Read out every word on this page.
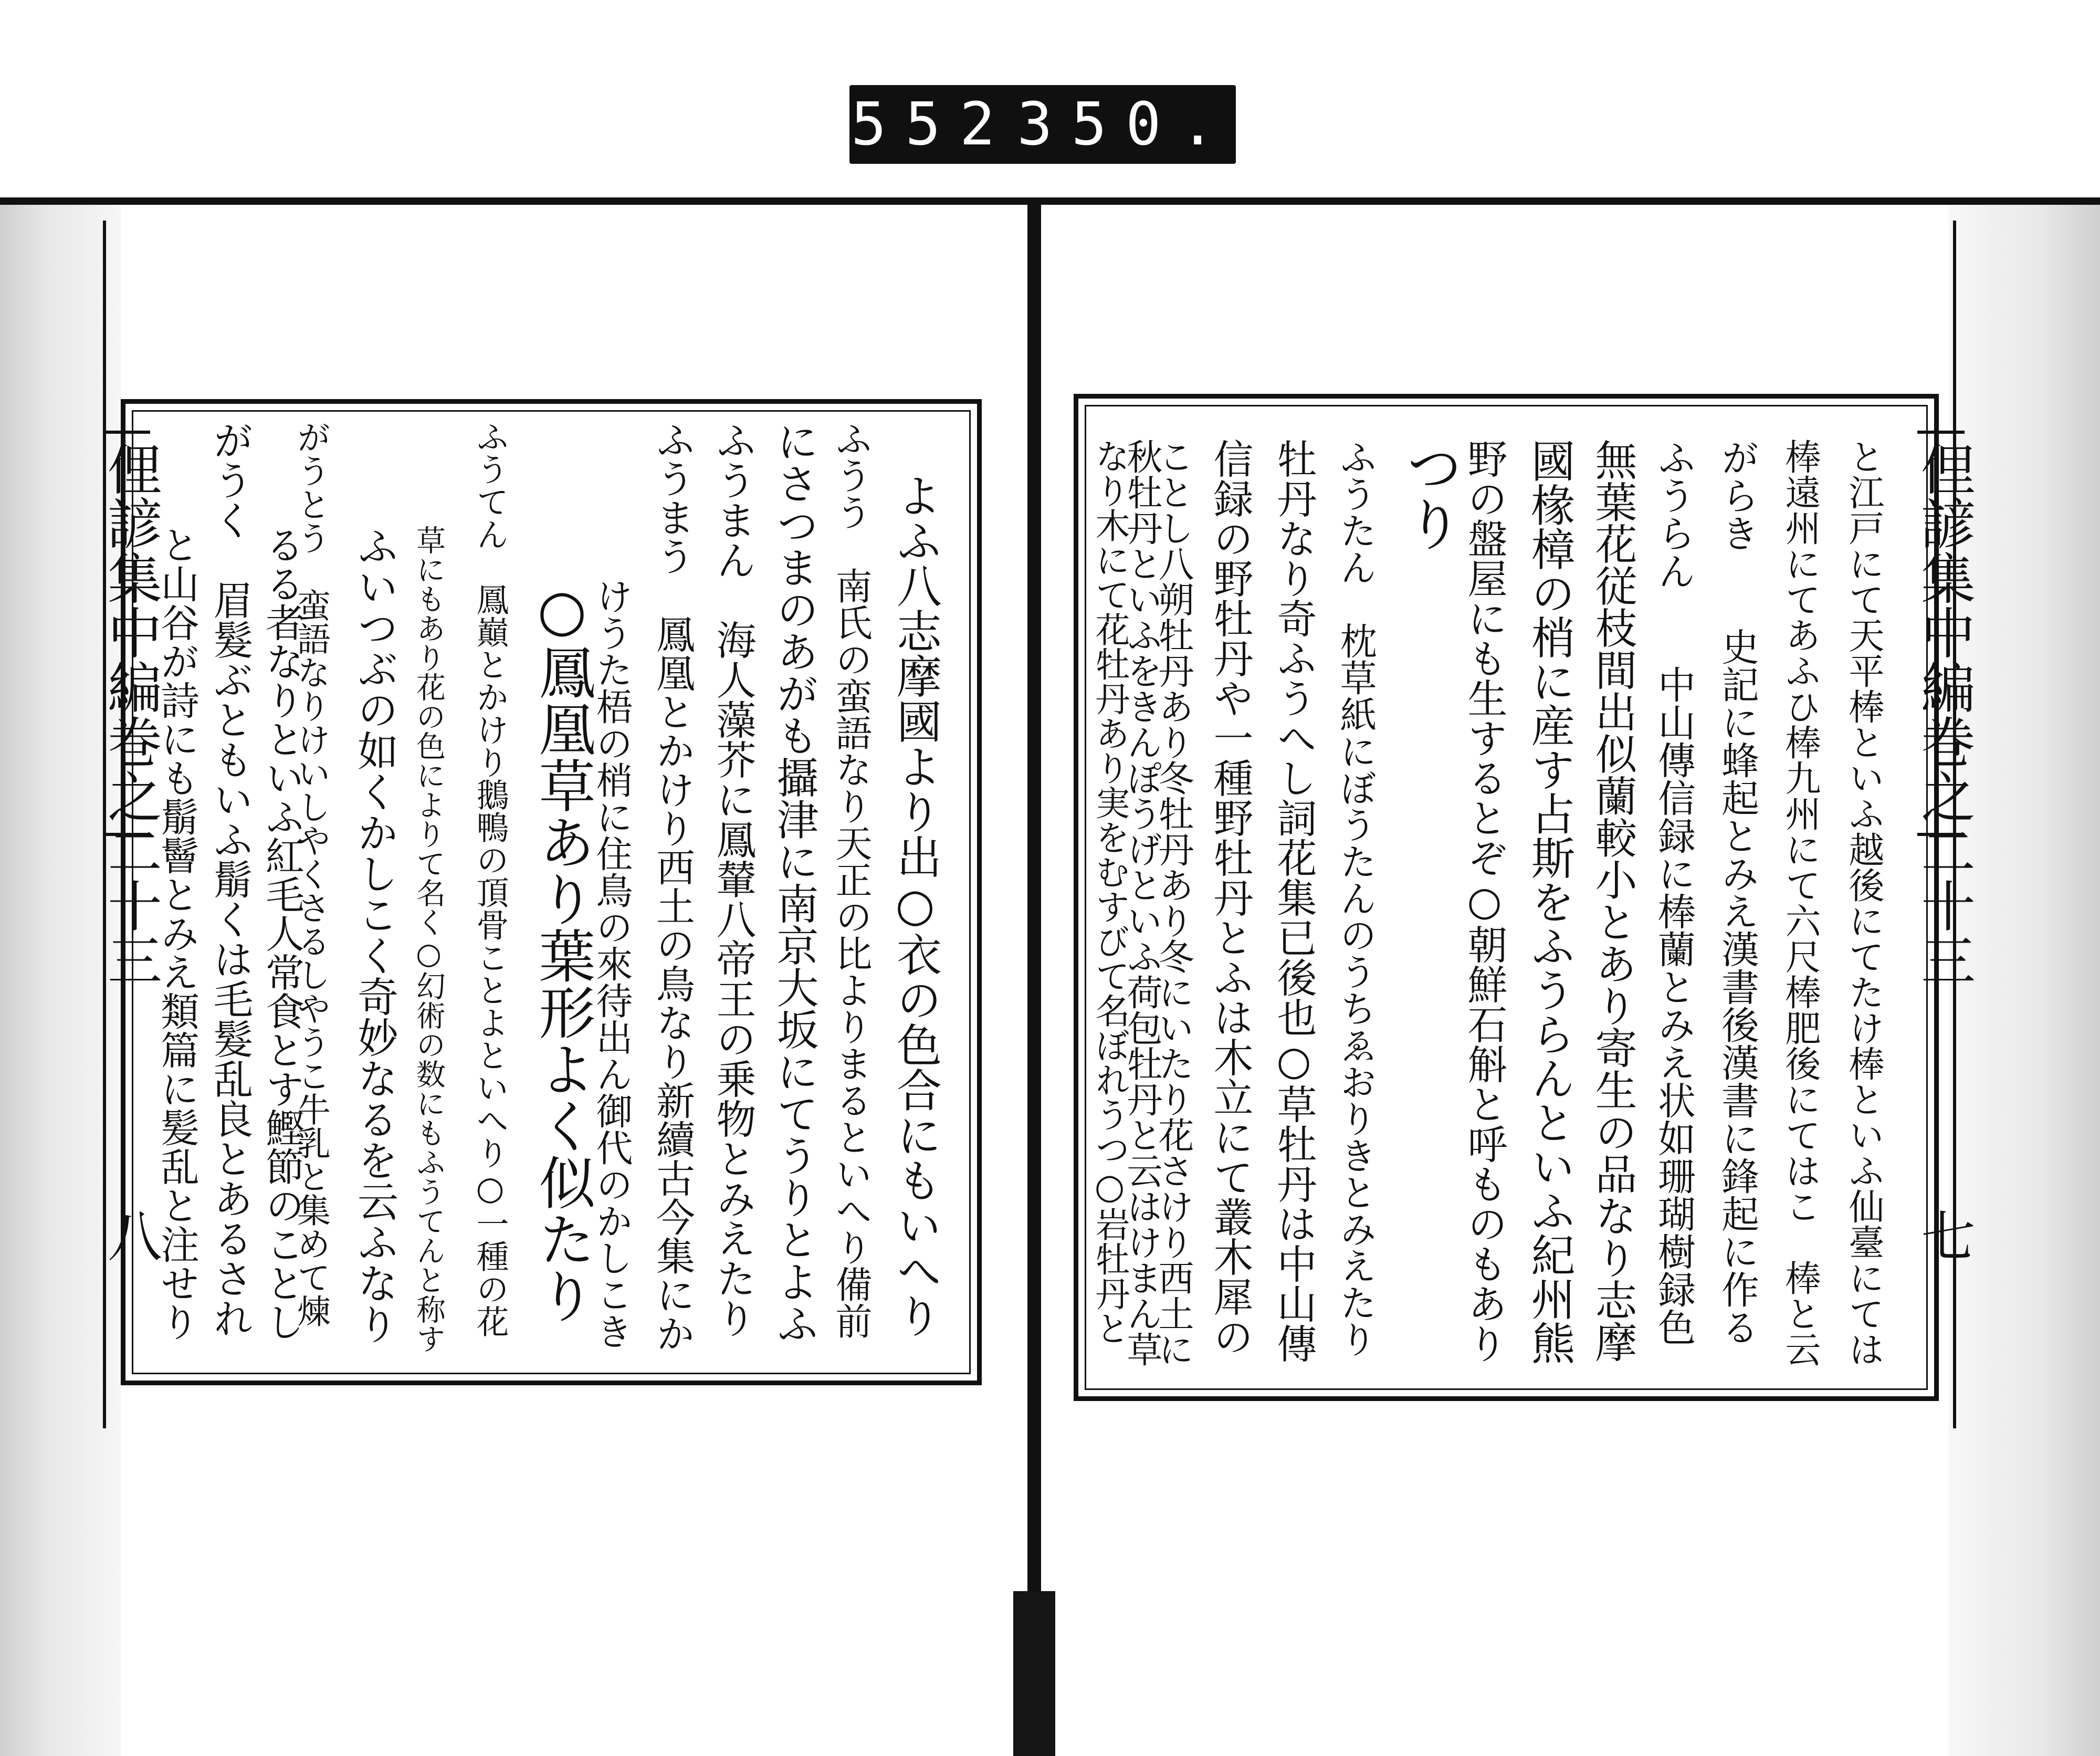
552 350.
俚諺集中編巻之二十三
七
俚諺集中編巻之二十三
八	と江戸にて天平棒といふ越後にてたけ棒といふ仙臺にては
棒遠州にてあふひ棒九州にて六尺棒肥後にてはこ　棒と云
がらき　　史記に蜂起とみえ漢書後漢書に鋒起に作る
ふうらん　　中山傳信録に棒蘭とみえ状如珊瑚樹録色
無葉花従枝間出似蘭較小とあり寄生の品なり志摩
國椽樟の梢に産す占斯をふうらんといふ紀州熊
野の盤屋にも生するとぞ○朝鮮石斛と呼ものもあり
つり
ふうたん　枕草紙にぼうたんのうちゑおりきとみえたり
牡丹なり奇ふうへし詞花集已後也○草牡丹は中山傳
信録の野牡丹や一種野牡丹とふは木立にて叢木犀の
ことし八朔牡丹あり冬牡丹あり冬にいたり花さけり西土に
秋牡丹といふをきんぽうげといふ荷包牡丹と云はけまん草
なり木にて花牡丹あり実をむすびて名ぼれうつ○岩牡丹と
よふ八志摩國より出○衣の色合にもいへり
ふうう　南氏の蛮語なり天正の比よりまるといへり備前
にさつまのあがも攝津に南京大坂にてうりとよふ
ふうまん　海人藻芥に鳳輦八帝王の乗物とみえたり
ふうまう　鳳凰とかけり西土の鳥なり新續古今集にか
けうた梧の梢に住鳥の來待出ん御代のかしこき
○鳳凰草あり葉形よく似たり
ふうてん　鳳巔とかけり鵝鴨の頂骨ことよといへり○一種の花
草にもあり花の色によりて名く○幻術の数にもふうてんと称す
ふいつぶの如くかしこく奇妙なるを云ふなり
がうとう　蛮語なりけいしやくさるしやうこ牛乳と集めて煉
るる者なりといふ紅毛人常食とす鰹節のことし
がうく　眉髮ぶともいふ鬅くは毛髮乱良とあるされ
と山谷が詩にも鬅鬙とみえ類篇に髪乱と注せり
